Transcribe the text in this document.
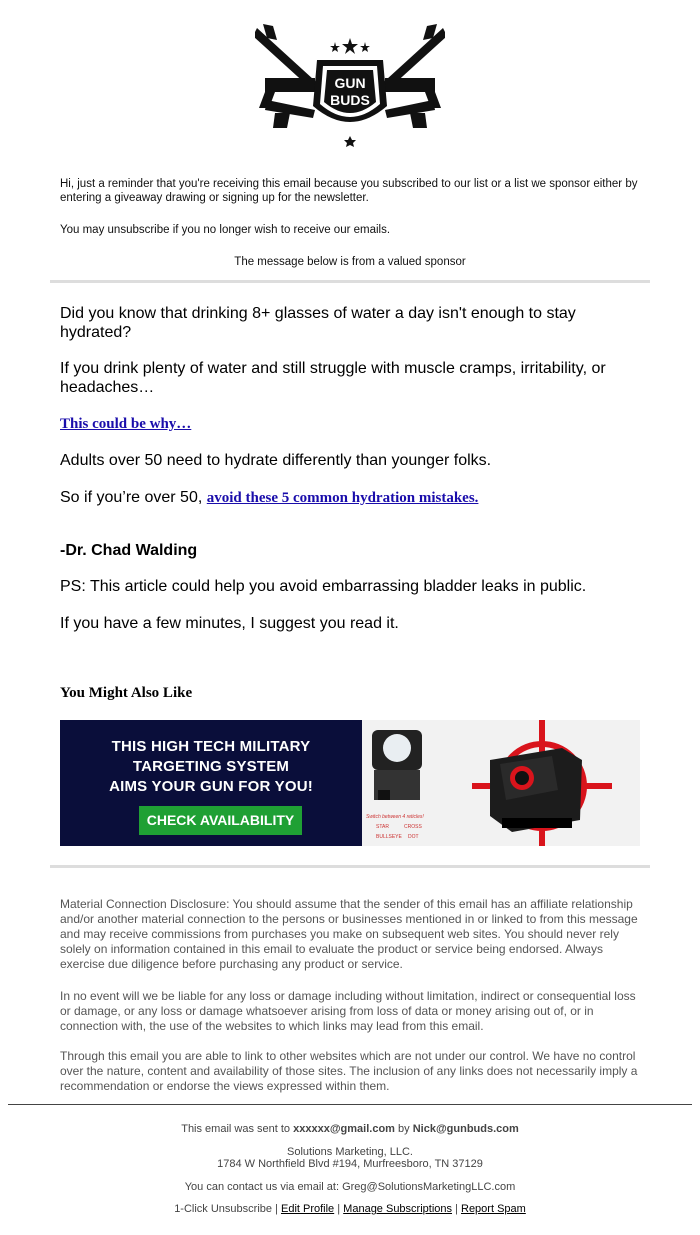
GUN
BUDS
Hi, just a reminder that you're receiving this email because you subscribed to our list or a list we sponsor either by entering a giveaway drawing or signing up for the newsletter.
You may unsubscribe if you no longer wish to receive our emails.
The message below is from a valued sponsor
Did you know that drinking 8+ glasses of water a day isn't enough to stay hydrated?
If you drink plenty of water and still struggle with muscle cramps, irritability, or headaches…
This could be why…
Adults over 50 need to hydrate differently than younger folks.
So if you’re over 50, avoid these 5 common hydration mistakes.
-Dr. Chad Walding
PS: This article could help you avoid embarrassing bladder leaks in public.
If you have a few minutes, I suggest you read it.
You Might Also Like
THIS HIGH TECH MILITARY
TARGETING SYSTEM
AIMS YOUR GUN FOR YOU!
CHECK AVAILABILITY	Switch between 4 reticles!
STAR	CROSS
BULLSEYE DOT
Material Connection Disclosure: You should assume that the sender of this email has an affiliate relationship and/or another material connection to the persons or businesses mentioned in or linked to from this message and may receive commissions from purchases you make on subsequent web sites. You should never rely solely on information contained in this email to evaluate the product or service being endorsed. Always exercise due diligence before purchasing any product or service.
In no event will we be liable for any loss or damage including without limitation, indirect or consequential loss or damage, or any loss or damage whatsoever arising from loss of data or money arising out of, or in connection with, the use of the websites to which links may lead from this email.
Through this email you are able to link to other websites which are not under our control. We have no control over the nature, content and availability of those sites. The inclusion of any links does not necessarily imply a recommendation or endorse the views expressed within them.
This email was sent to xxxxxx@gmail.com by Nick@gunbuds.com
Solutions Marketing, LLC.
1784 W Northfield Blvd #194, Murfreesboro, TN 37129
You can contact us via email at: Greg@SolutionsMarketingLLC.com
1-Click Unsubscribe | Edit Profile | Manage Subscriptions | Report Spam
